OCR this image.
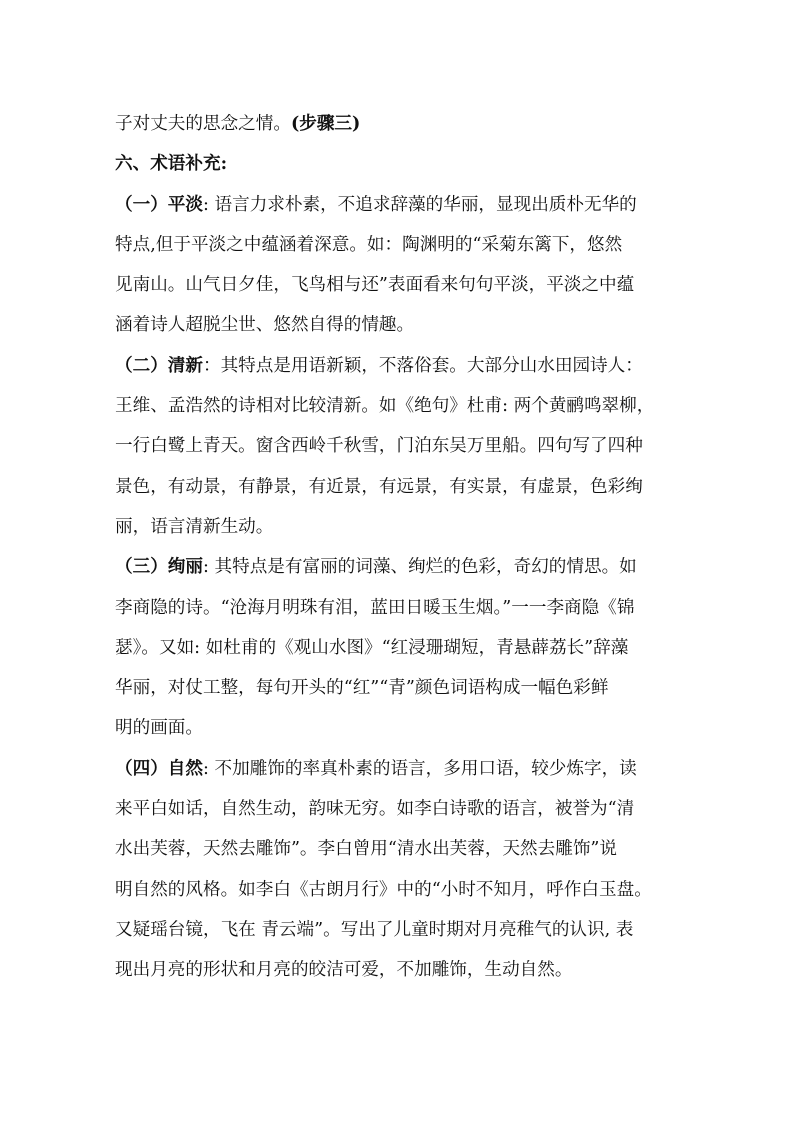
子对丈夫的思念之情。(步骤三)
六、术语补充:
（一）平淡: 语言力求朴素，不追求辞藻的华丽，显现出质朴无华的
特点,但于平淡之中蕴涵着深意。如：陶渊明的“采菊东篱下，悠然
见南山。山气日夕佳，飞鸟相与还”表面看来句句平淡，平淡之中蕴
涵着诗人超脱尘世、悠然自得的情趣。
（二）清新：其特点是用语新颖，不落俗套。大部分山水田园诗人：
王维、孟浩然的诗相对比较清新。如《绝句》杜甫: 两个黄鹂鸣翠柳，
一行白鹭上青天。窗含西岭千秋雪，门泊东吴万里船。四句写了四种
景色，有动景，有静景，有近景，有远景，有实景，有虚景，色彩绚
丽，语言清新生动。
（三）绚丽: 其特点是有富丽的词藻、绚烂的色彩，奇幻的情思。如
李商隐的诗。“沧海月明珠有泪，蓝田日暖玉生烟。”一一李商隐《锦
瑟》。又如: 如杜甫的《观山水图》“红浸珊瑚短，青悬薜荔长”辞藻
华丽，对仗工整，每句开头的“红”“青”颜色词语构成一幅色彩鲜
明的画面。
（四）自然: 不加雕饰的率真朴素的语言，多用口语，较少炼字，读
来平白如话，自然生动，韵味无穷。如李白诗歌的语言，被誉为“清
水出芙蓉，天然去雕饰”。李白曾用“清水出芙蓉，天然去雕饰”说
明自然的风格。如李白《古朗月行》中的“小时不知月，呼作白玉盘。
又疑瑶台镜，飞在 青云端”。写出了儿童时期对月亮稚气的认识, 表
现出月亮的形状和月亮的皎洁可爱，不加雕饰，生动自然。
